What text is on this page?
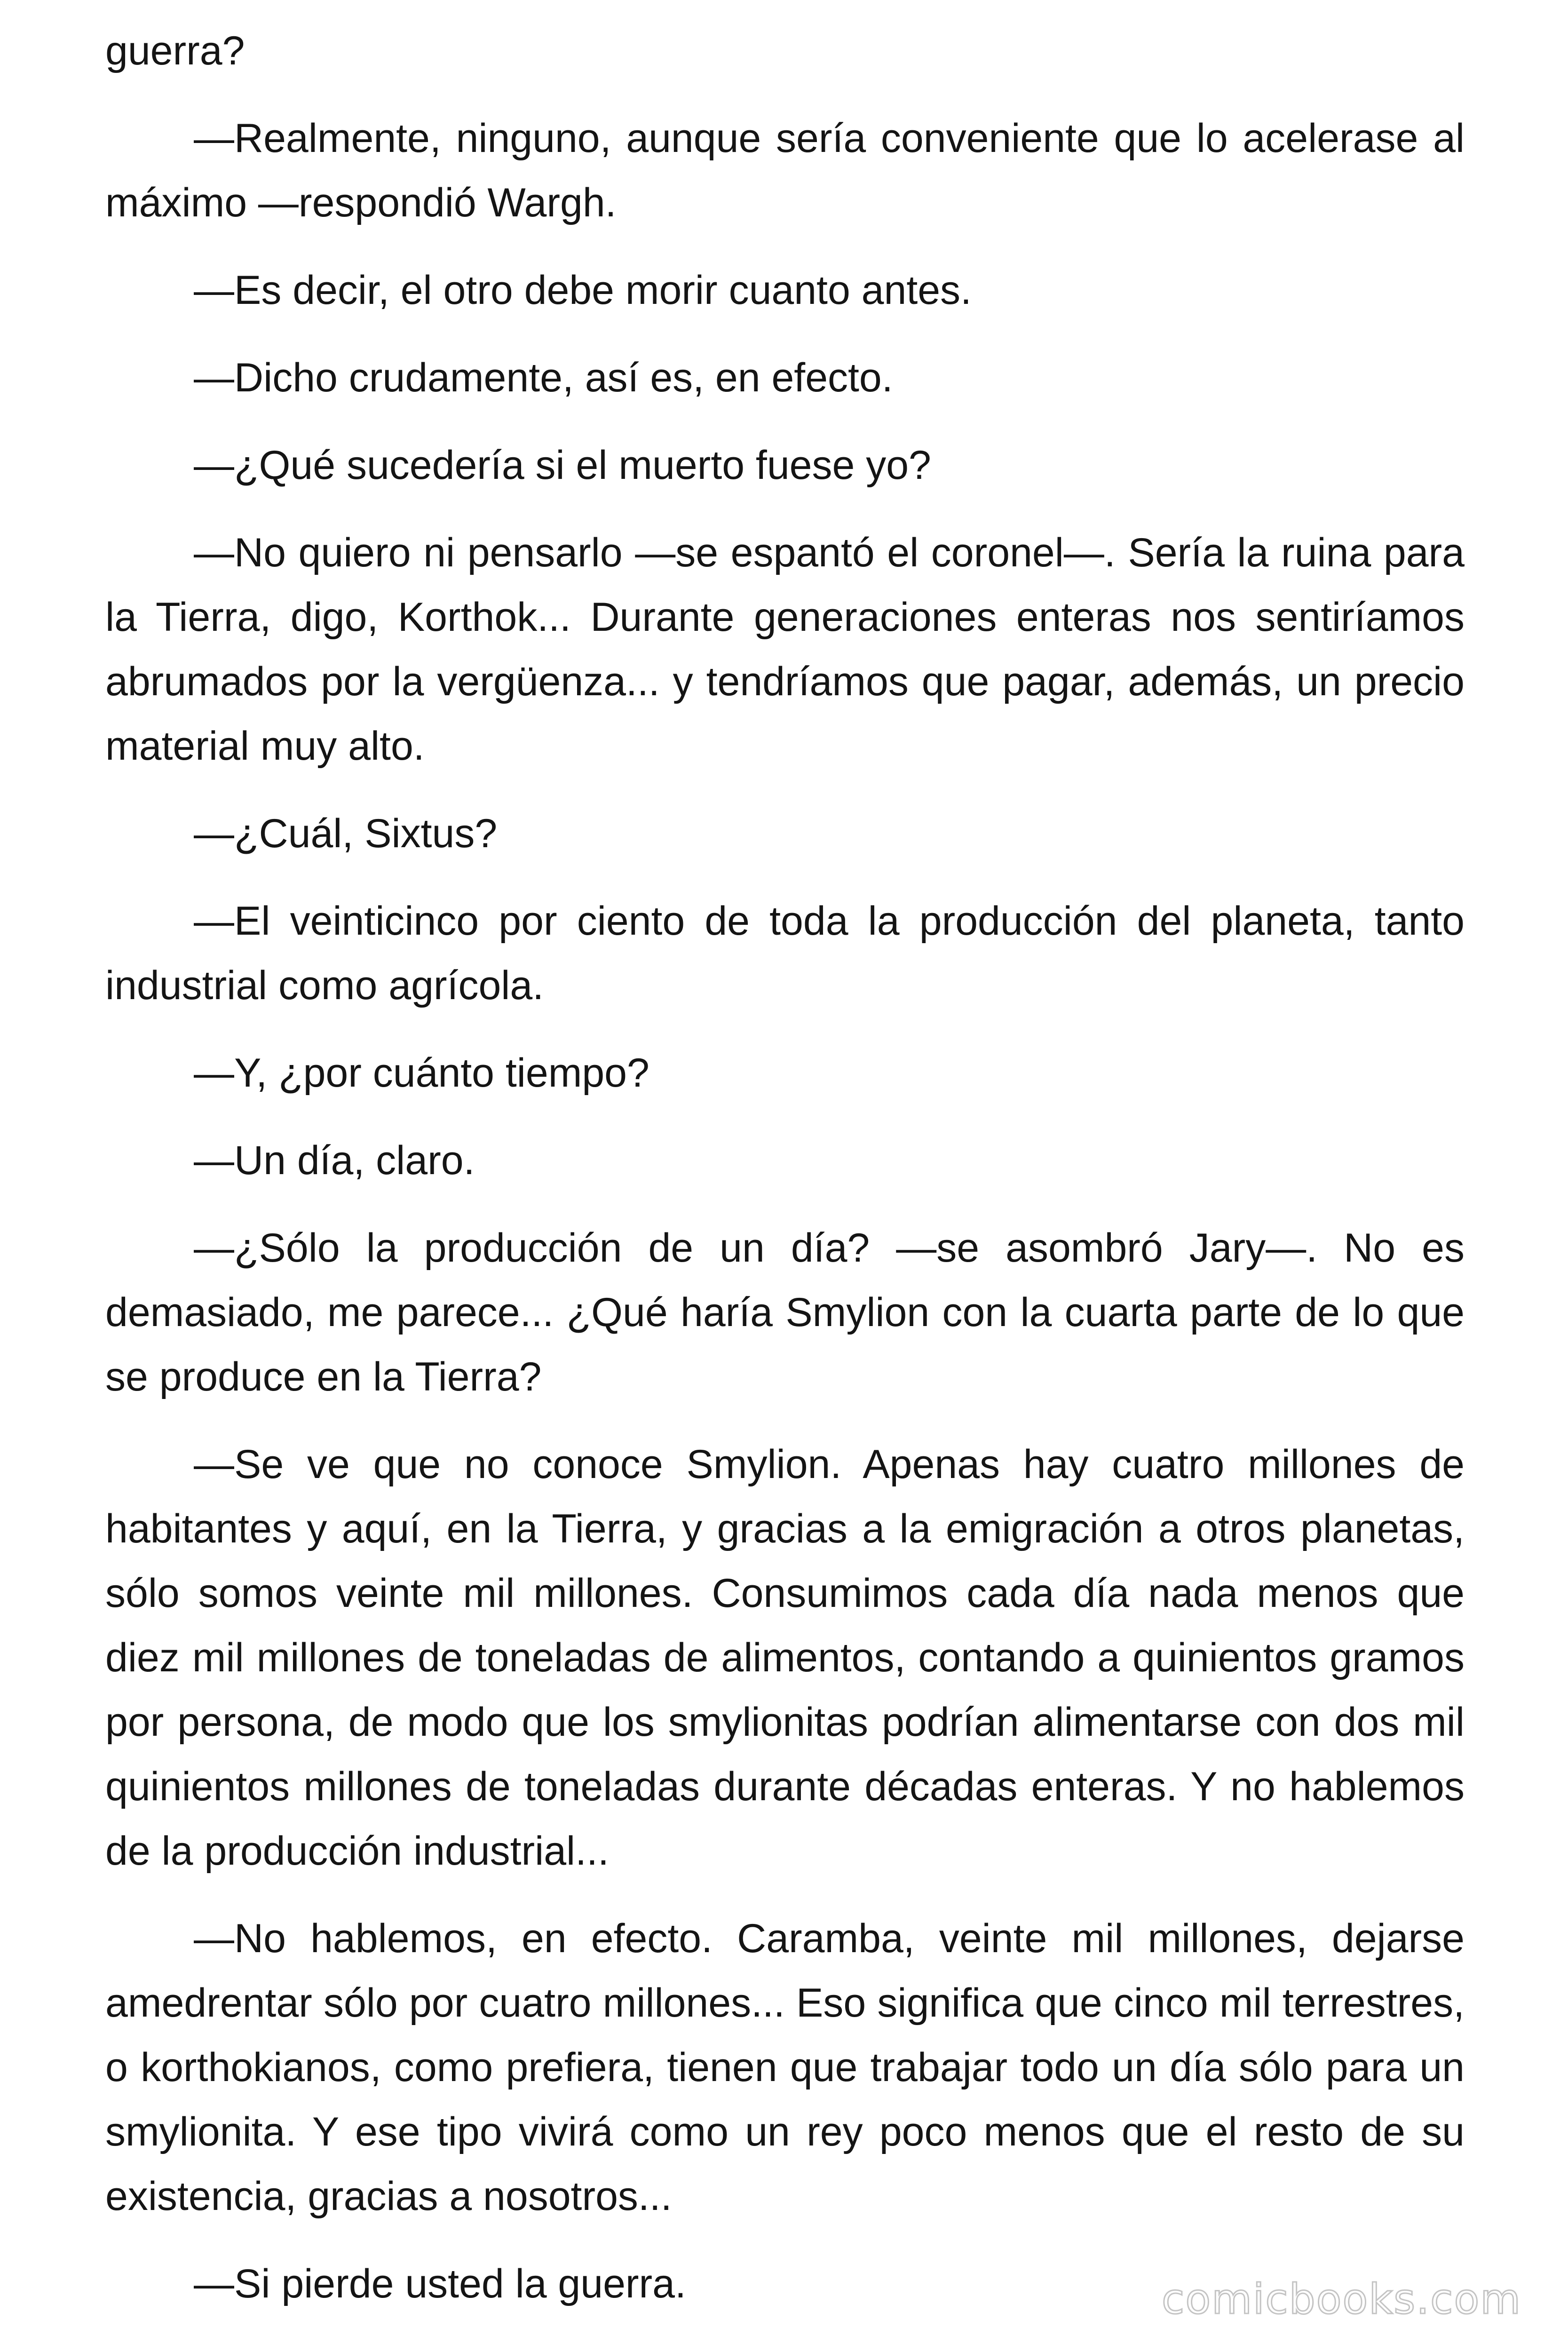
guerra?

—Realmente, ninguno, aunque sería conveniente que lo acelerase al máximo —respondió Wargh.

—Es decir, el otro debe morir cuanto antes.

—Dicho crudamente, así es, en efecto.

—¿Qué sucedería si el muerto fuese yo?

—No quiero ni pensarlo —se espantó el coronel—. Sería la ruina para la Tierra, digo, Korthok... Durante generaciones enteras nos sentiríamos abrumados por la vergüenza... y tendríamos que pagar, además, un precio material muy alto.

—¿Cuál, Sixtus?

—El veinticinco por ciento de toda la producción del planeta, tanto industrial como agrícola.

—Y, ¿por cuánto tiempo?

—Un día, claro.

—¿Sólo la producción de un día? —se asombró Jary—. No es demasiado, me parece... ¿Qué haría Smylion con la cuarta parte de lo que se produce en la Tierra?

—Se ve que no conoce Smylion. Apenas hay cuatro millones de habitantes y aquí, en la Tierra, y gracias a la emigración a otros planetas, sólo somos veinte mil millones. Consumimos cada día nada menos que diez mil millones de toneladas de alimentos, contando a quinientos gramos por persona, de modo que los smylionitas podrían alimentarse con dos mil quinientos millones de toneladas durante décadas enteras. Y no hablemos de la producción industrial...

—No hablemos, en efecto. Caramba, veinte mil millones, dejarse amedrentar sólo por cuatro millones... Eso significa que cinco mil terrestres, o korthokianos, como prefiera, tienen que trabajar todo un día sólo para un smylionita. Y ese tipo vivirá como un rey poco menos que el resto de su existencia, gracias a nosotros...

—Si pierde usted la guerra.	comicbooks.com
